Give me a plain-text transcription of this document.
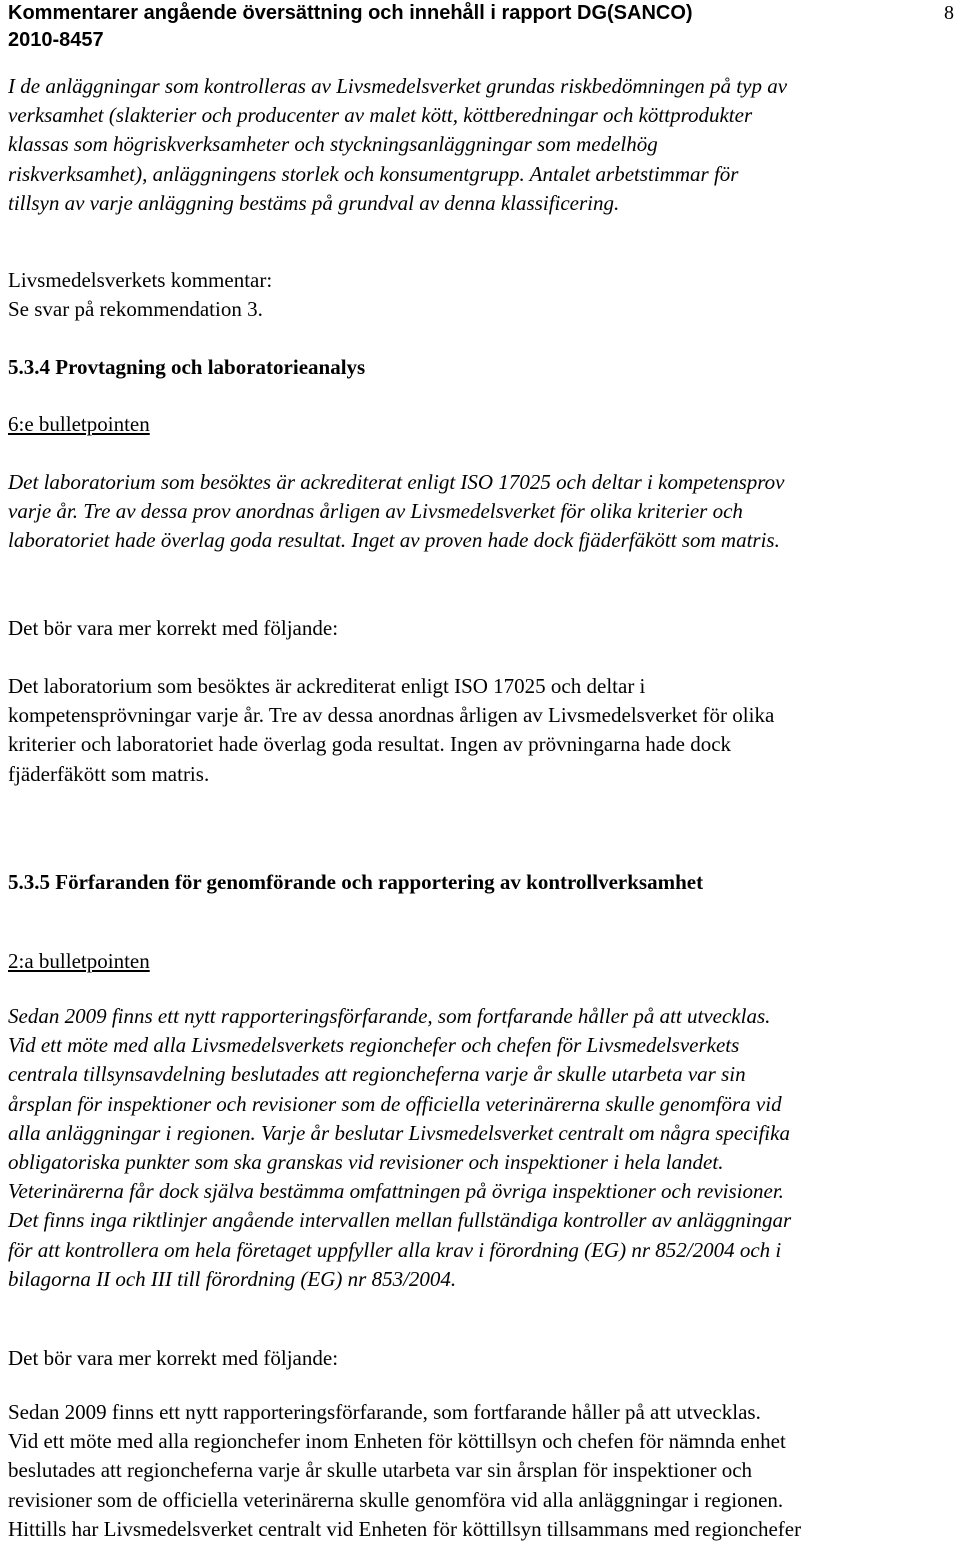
Kommentarer angående översättning och innehåll i rapport DG(SANCO)
2010-8457
8
I de anläggningar som kontrolleras av Livsmedelsverket grundas riskbedömningen på typ av
verksamhet (slakterier och producenter av malet kött, köttberedningar och köttprodukter
klassas som högriskverksamheter och styckningsanläggningar som medelhög
riskverksamhet), anläggningens storlek och konsumentgrupp. Antalet arbetstimmar för
tillsyn av varje anläggning bestäms på grundval av denna klassificering.
Livsmedelsverkets kommentar:
Se svar på rekommendation 3.
5.3.4 Provtagning och laboratorieanalys
6:e bulletpointen
Det laboratorium som besöktes är ackrediterat enligt ISO 17025 och deltar i kompetensprov
varje år. Tre av dessa prov anordnas årligen av Livsmedelsverket för olika kriterier och
laboratoriet hade överlag goda resultat. Inget av proven hade dock fjäderfäkött som matris.
Det bör vara mer korrekt med följande:
Det laboratorium som besöktes är ackrediterat enligt ISO 17025 och deltar i
kompetensprövningar varje år. Tre av dessa anordnas årligen av Livsmedelsverket för olika
kriterier och laboratoriet hade överlag goda resultat. Ingen av prövningarna hade dock
fjäderfäkött som matris.
5.3.5 Förfaranden för genomförande och rapportering av kontrollverksamhet
2:a bulletpointen
Sedan 2009 finns ett nytt rapporteringsförfarande, som fortfarande håller på att utvecklas.
Vid ett möte med alla Livsmedelsverkets regionchefer och chefen för Livsmedelsverkets
centrala tillsynsavdelning beslutades att regioncheferna varje år skulle utarbeta var sin
årsplan för inspektioner och revisioner som de officiella veterinärerna skulle genomföra vid
alla anläggningar i regionen. Varje år beslutar Livsmedelsverket centralt om några specifika
obligatoriska punkter som ska granskas vid revisioner och inspektioner i hela landet.
Veterinärerna får dock själva bestämma omfattningen på övriga inspektioner och revisioner.
Det finns inga riktlinjer angående intervallen mellan fullständiga kontroller av anläggningar
för att kontrollera om hela företaget uppfyller alla krav i förordning (EG) nr 852/2004 och i
bilagorna II och III till förordning (EG) nr 853/2004.
Det bör vara mer korrekt med följande:
Sedan 2009 finns ett nytt rapporteringsförfarande, som fortfarande håller på att utvecklas.
Vid ett möte med alla regionchefer inom Enheten för köttillsyn och chefen för nämnda enhet
beslutades att regioncheferna varje år skulle utarbeta var sin årsplan för inspektioner och
revisioner som de officiella veterinärerna skulle genomföra vid alla anläggningar i regionen.
Hittills har Livsmedelsverket centralt vid Enheten för köttillsyn tillsammans med regionchefer
